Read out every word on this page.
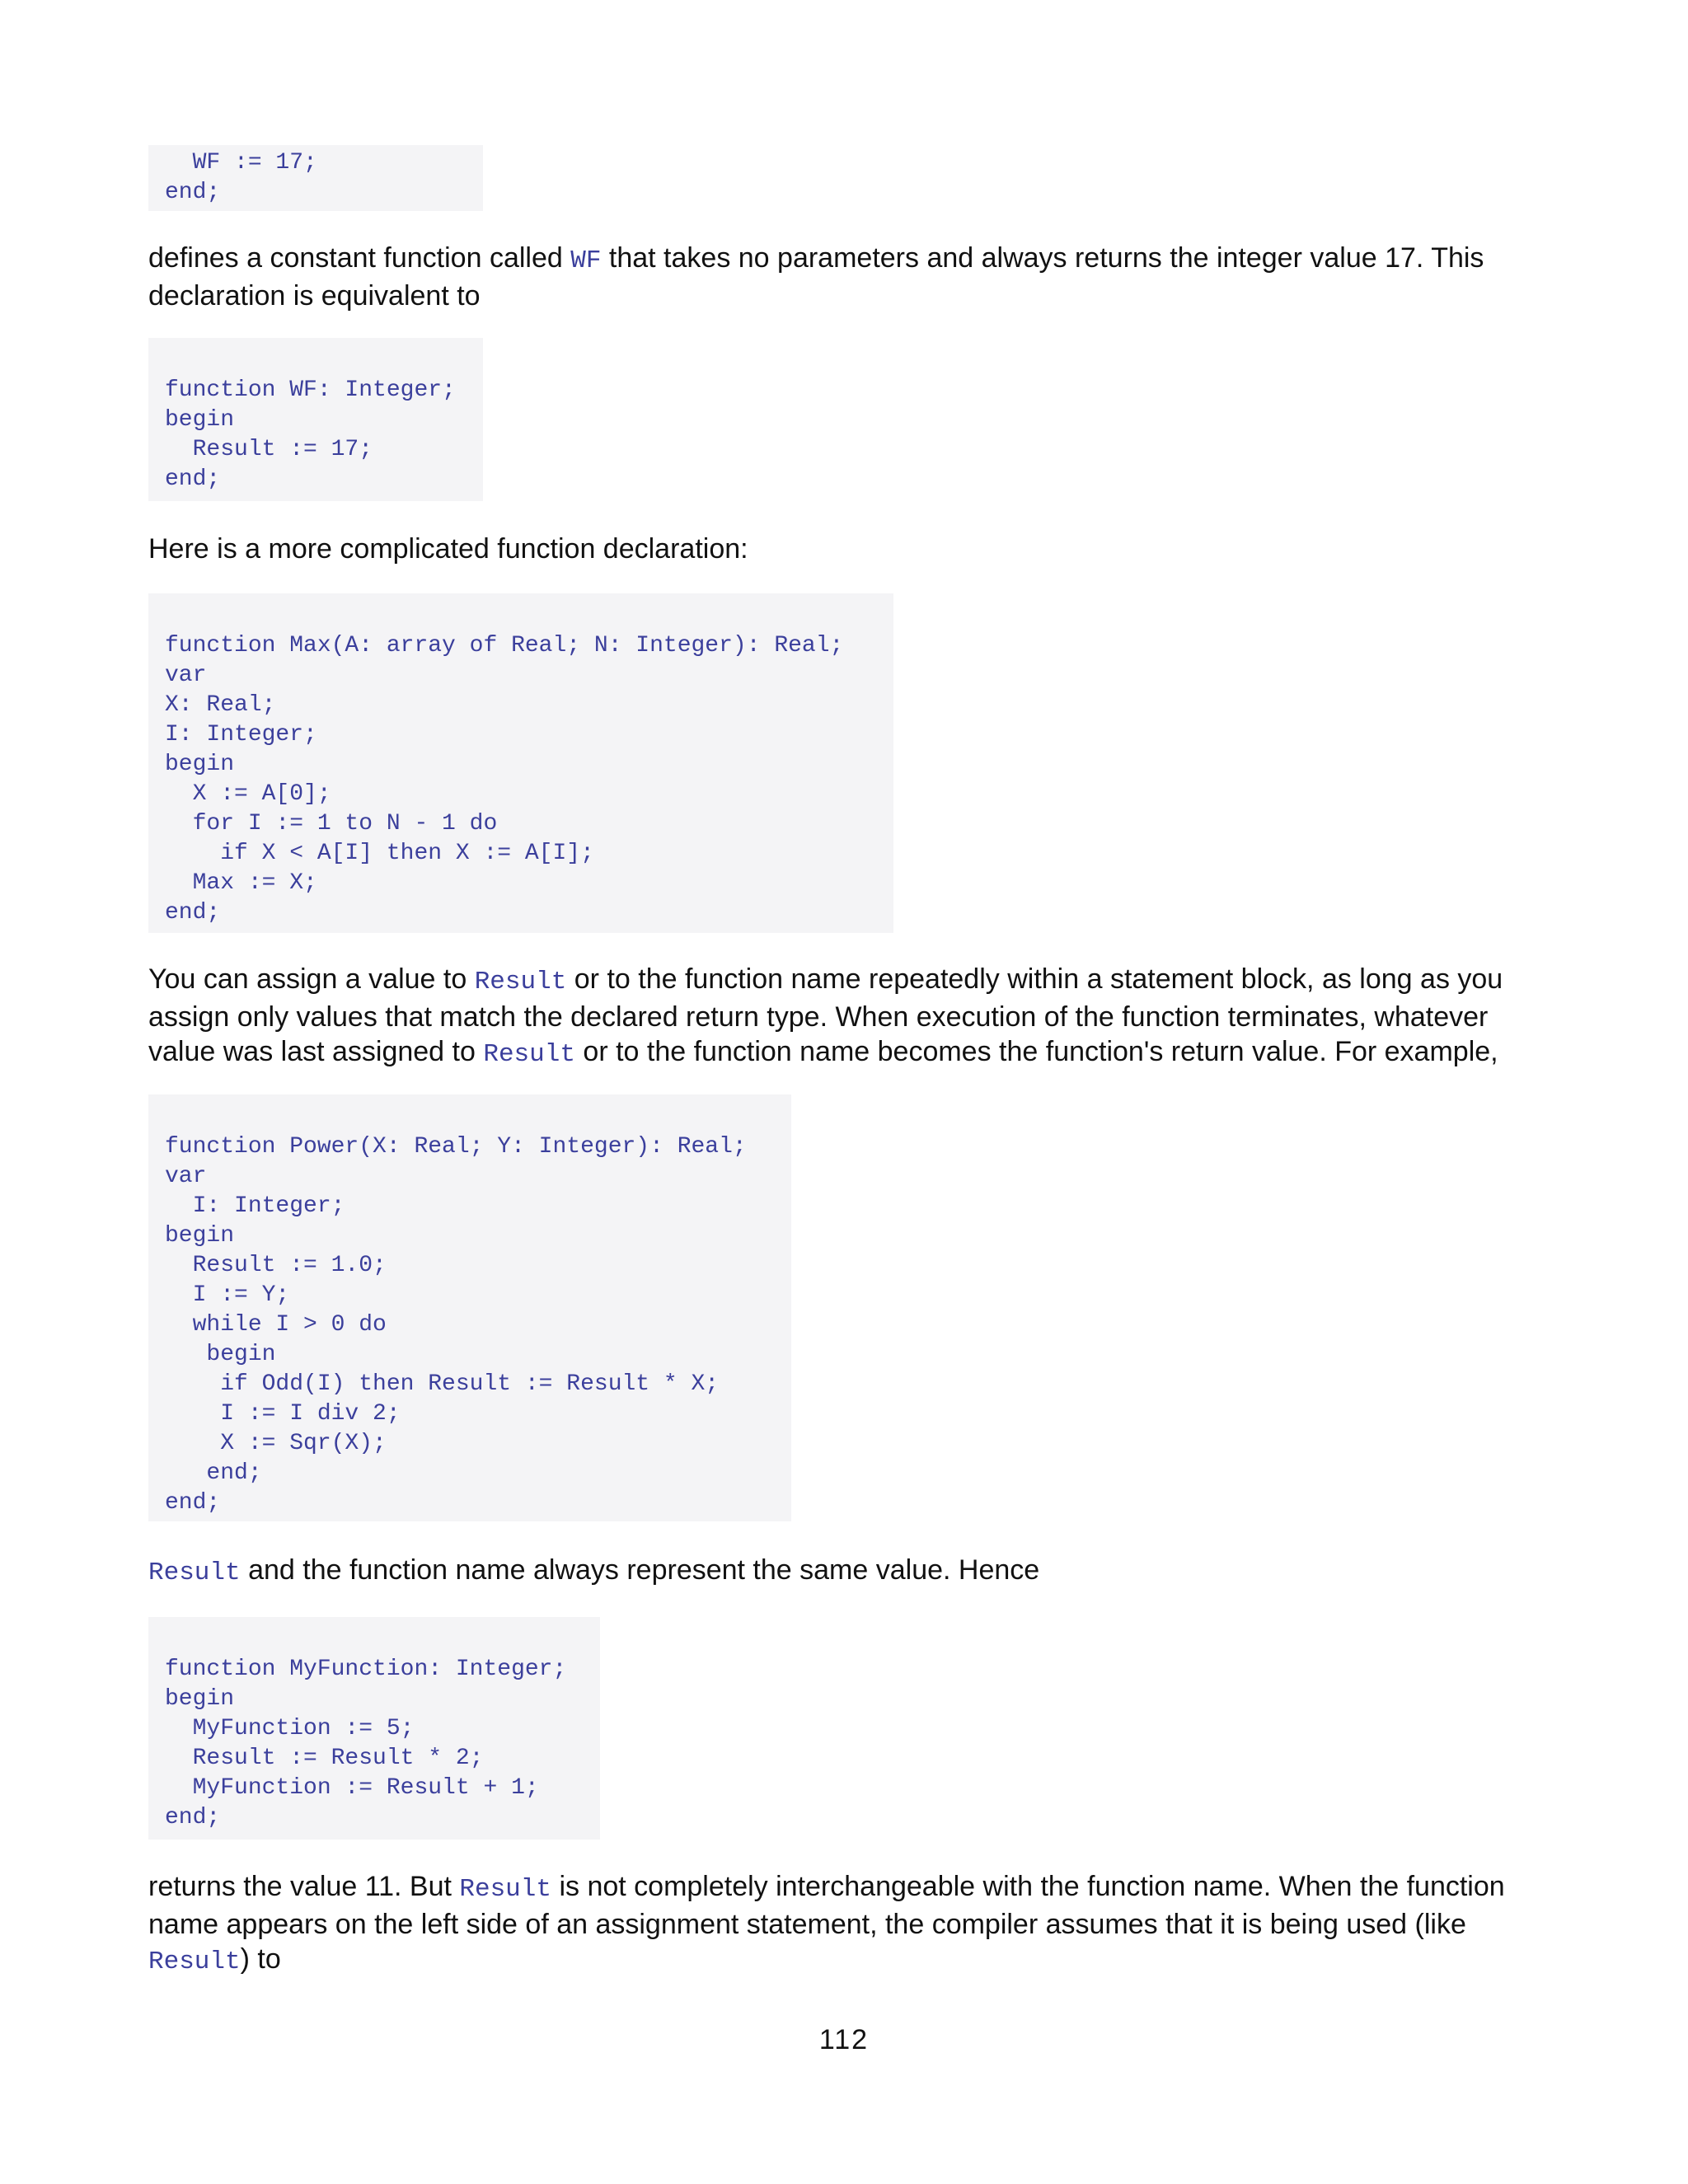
WF := 17;
end;

defines a constant function called WF that takes no parameters and always returns the integer value 17. This declaration is equivalent to

function WF: Integer;
begin
Result := 17;
end;

Here is a more complicated function declaration:

function Max(A: array of Real; N: Integer): Real;
var
X: Real;
I: Integer;
begin
X := A[0];
for I := 1 to N - 1 do
if X < A[I] then X := A[I];
Max := X;
end;

You can assign a value to Result or to the function name repeatedly within a statement block, as long as you assign only values that match the declared return type. When execution of the function terminates, whatever value was last assigned to Result or to the function name becomes the function's return value. For example,

function Power(X: Real; Y: Integer): Real;
var
I: Integer;
begin
Result := 1.0;
I := Y;
while I > 0 do
begin
if Odd(I) then Result := Result * X;
I := I div 2;
X := Sqr(X);
end;
end;

Result and the function name always represent the same value. Hence

function MyFunction: Integer;
begin
MyFunction := 5;
Result := Result * 2;
MyFunction := Result + 1;
end;

returns the value 11. But Result is not completely interchangeable with the function name. When the function name appears on the left side of an assignment statement, the compiler assumes that it is being used (like Result) to

112
